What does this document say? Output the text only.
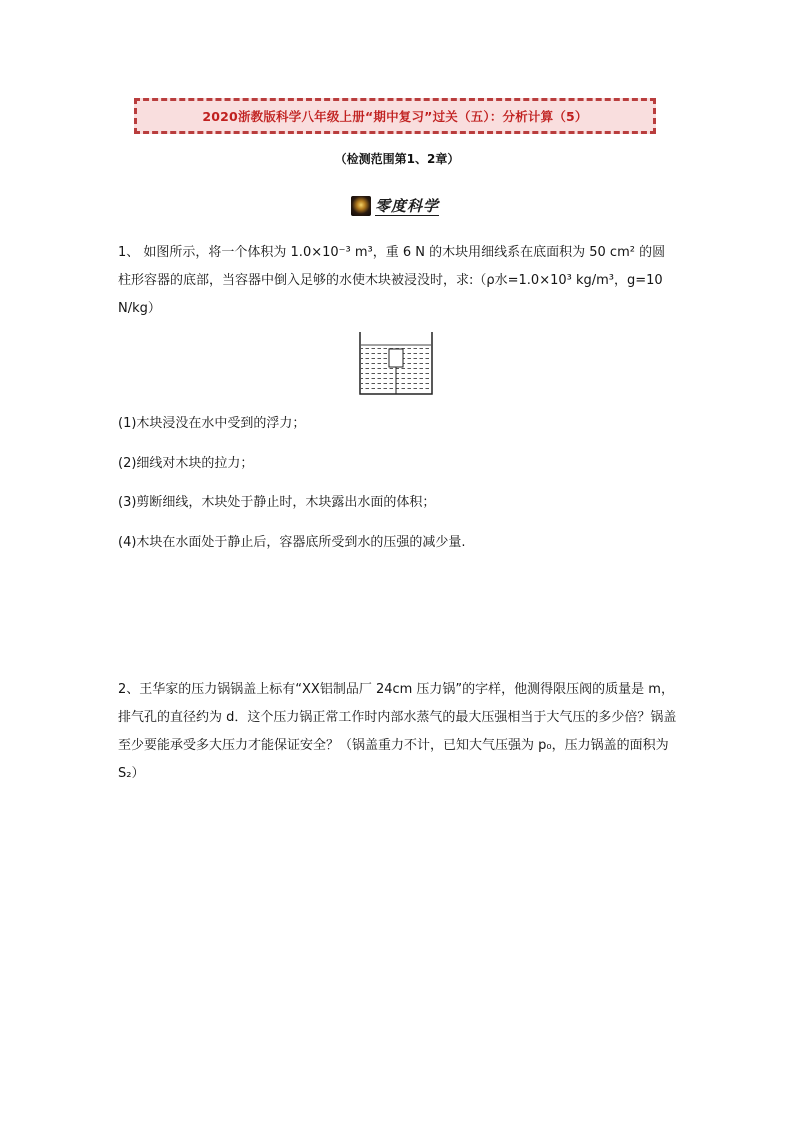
2020浙教版科学八年级上册“期中复习”过关（五）：分析计算（5）
（检测范围第1、2章）
零度科学
1、 如图所示，将一个体积为 1.0×10⁻³ m³，重 6 N 的木块用细线系在底面积为 50 cm² 的圆柱形容器的底部，当容器中倒入足够的水使木块被浸没时，求:（ρ水=1.0×10³ kg/m³，g=10 N/kg）
(1)木块浸没在水中受到的浮力；
(2)细线对木块的拉力；
(3)剪断细线，木块处于静止时，木块露出水面的体积；
(4)木块在水面处于静止后，容器底所受到水的压强的减少量.
2、王华家的压力锅锅盖上标有“XX铝制品厂 24cm 压力锅”的字样，他测得限压阀的质量是 m，排气孔的直径约为 d．这个压力锅正常工作时内部水蒸气的最大压强相当于大气压的多少倍？锅盖至少要能承受多大压力才能保证安全？（锅盖重力不计，已知大气压强为 p₀，压力锅盖的面积为 S₂）
